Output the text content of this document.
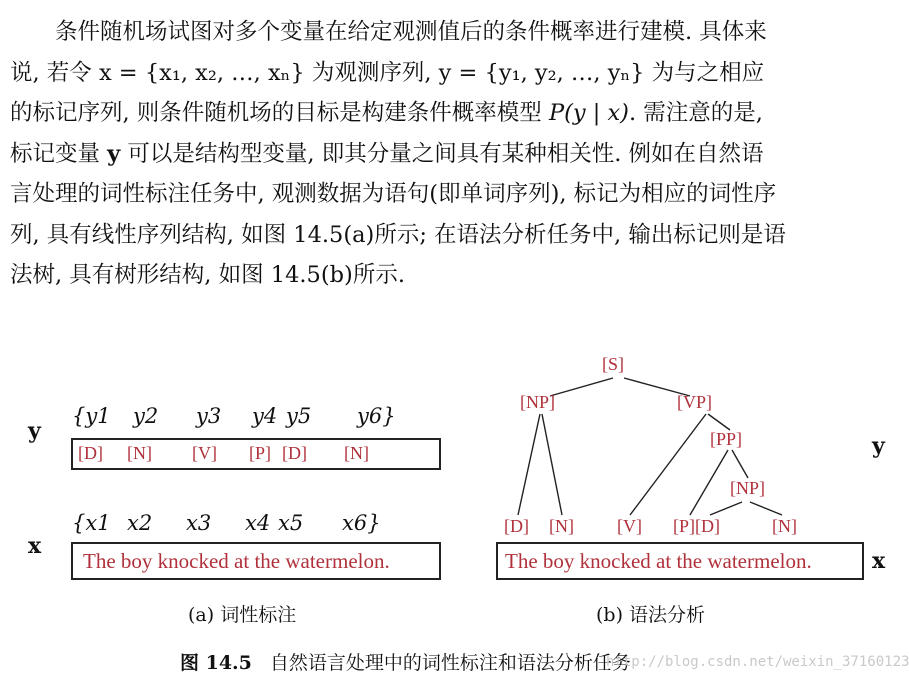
条件随机场试图对多个变量在给定观测值后的条件概率进行建模. 具体来
说, 若令 x = {x₁, x₂, …, xₙ} 为观测序列, y = {y₁, y₂, …, yₙ} 为与之相应
的标记序列, 则条件随机场的目标是构建条件概率模型 P(y | x). 需注意的是,
标记变量 y 可以是结构型变量, 即其分量之间具有某种相关性. 例如在自然语
言处理的词性标注任务中, 观测数据为语句(即单词序列), 标记为相应的词性序
列, 具有线性序列结构, 如图 14.5(a)所示; 在语法分析任务中, 输出标记则是语
法树, 具有树形结构, 如图 14.5(b)所示.
y
x
{y1 y2 y3 y4 y5 y6}
[D] [N] [V] [P] [D] [N]
{x1 x2 x3 x4 x5 x6}
The boy knocked at the watermelon.
(a) 词性标注
[S]
[NP]	[VP]
[PP]
[NP]
[D] [N] [V] [P][D]	[N]
y
x
The boy knocked at the watermelon.
(b) 语法分析
图 14.5 自然语言处理中的词性标注和语法分析任务
http://blog.csdn.net/weixin_37160123
